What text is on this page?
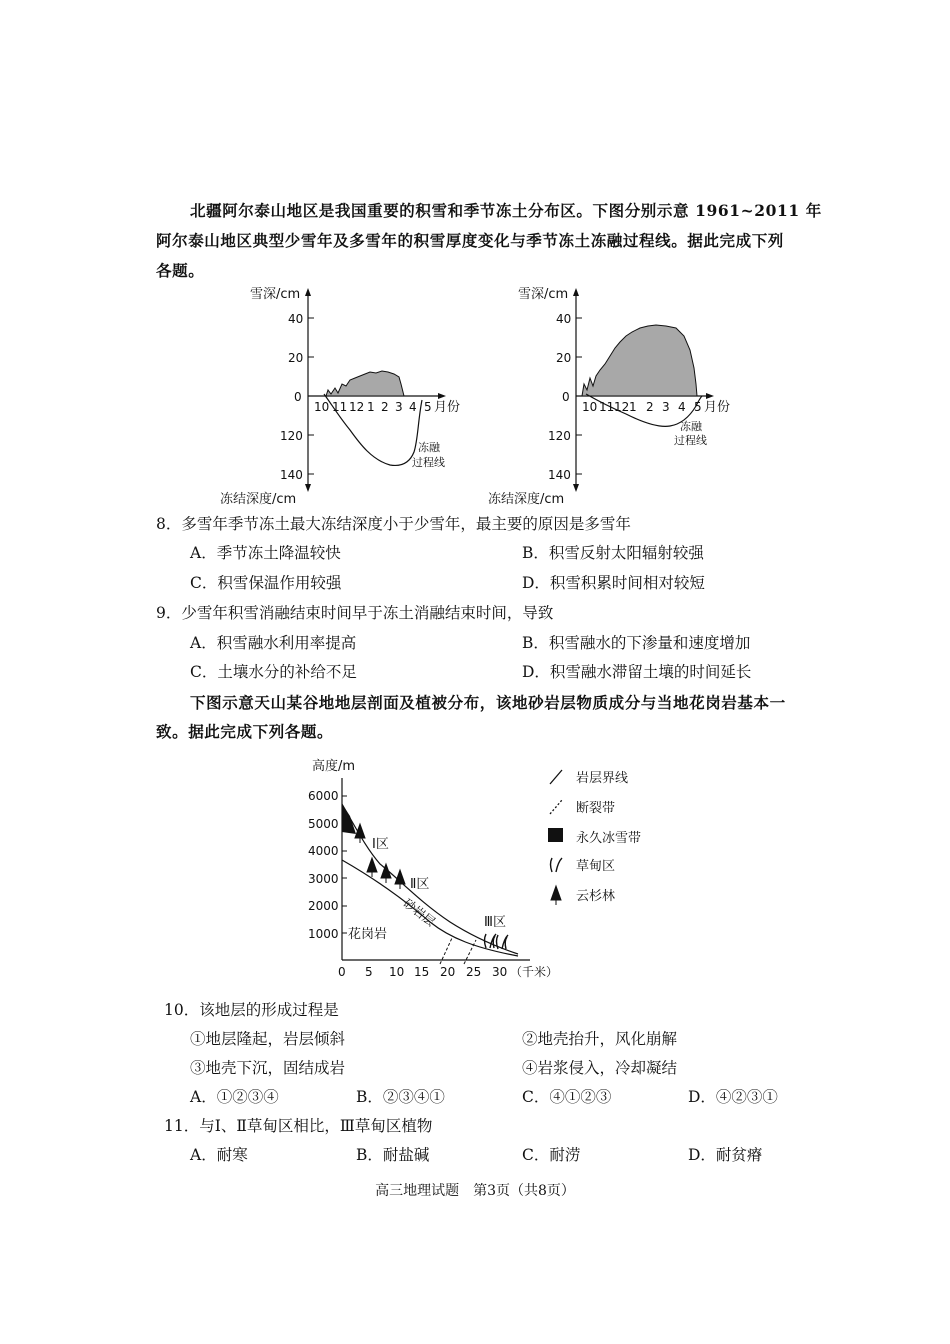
北疆阿尔泰山地区是我国重要的积雪和季节冻土分布区。下图分别示意 1961~2011 年
阿尔泰山地区典型少雪年及多雪年的积雪厚度变化与季节冻土冻融过程线。据此完成下列
各题。
雪深/cm
40
20
0
120
140
10 11 12 1 2 3 4 5 月份
冻融
过程线
冻结深度/cm
雪深/cm
40
20
0
120
140
10 11 12 1 2 3 4 5 月份
冻融
过程线
冻结深度/cm
8．多雪年季节冻土最大冻结深度小于少雪年，最主要的原因是多雪年
A．季节冻土降温较快	B．积雪反射太阳辐射较强
C．积雪保温作用较强	D．积雪积累时间相对较短
9．少雪年积雪消融结束时间早于冻土消融结束时间，导致
A．积雪融水利用率提高	B．积雪融水的下渗量和速度增加
C．土壤水分的补给不足	D．积雪融水滞留土壤的时间延长
下图示意天山某谷地地层剖面及植被分布，该地砂岩层物质成分与当地花岗岩基本一
致。据此完成下列各题。
高度/m
6000
5000
4000
3000
2000
1000
0 5 10 15 20 25 30 （千米）
Ⅰ区
Ⅱ区
Ⅲ区
花岗岩
砂岩层
岩层界线
断裂带
永久冰雪带
草甸区
云杉林
10．该地层的形成过程是
①地层隆起，岩层倾斜	②地壳抬升，风化崩解
③地壳下沉，固结成岩	④岩浆侵入，冷却凝结
A．①②③④	B．②③④①	C．④①②③	D．④②③①
11．与Ⅰ、Ⅱ草甸区相比，Ⅲ草甸区植物
A．耐寒	B．耐盐碱	C．耐涝	D．耐贫瘠
高三地理试题　第3页（共8页）
